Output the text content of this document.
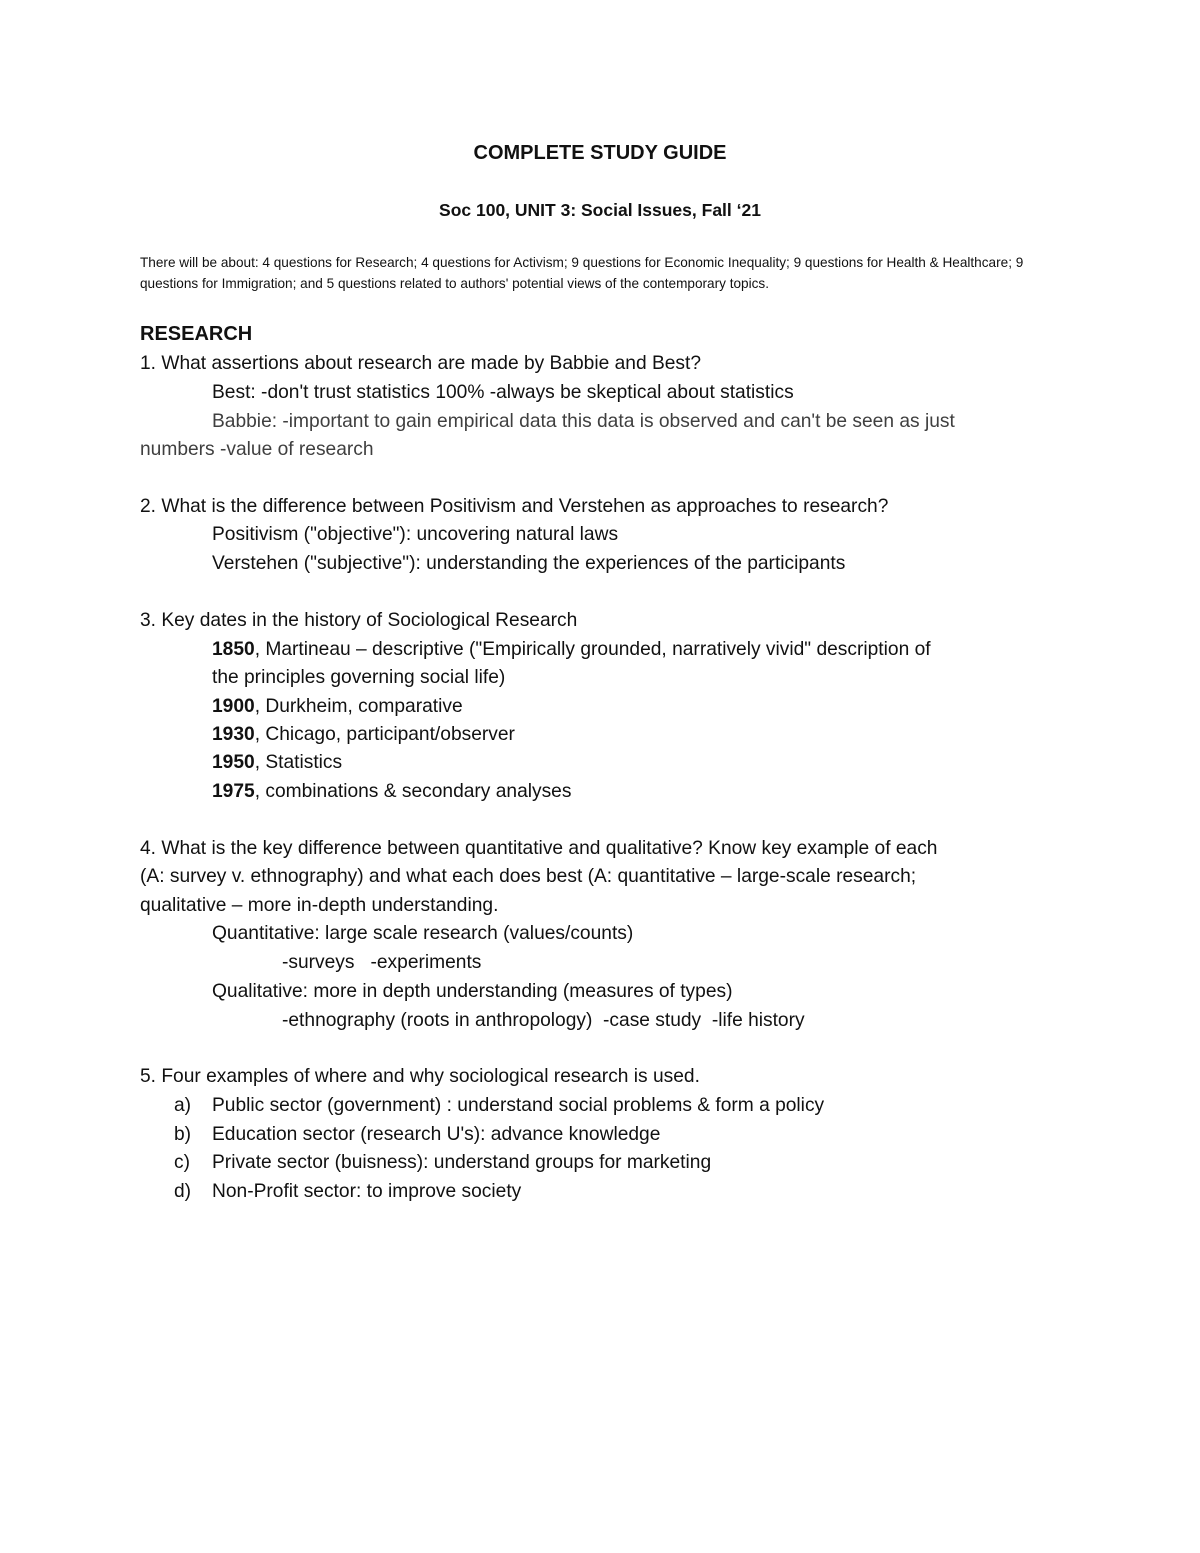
COMPLETE STUDY GUIDE
Soc 100, UNIT 3: Social Issues, Fall ‘21
There will be about: 4 questions for Research; 4 questions for Activism; 9 questions for Economic Inequality; 9 questions for Health & Healthcare; 9 questions for Immigration; and 5 questions related to authors' potential views of the contemporary topics.
RESEARCH
1. What assertions about research are made by Babbie and Best?
Best: -don't trust statistics 100% -always be skeptical about statistics
Babbie: -important to gain empirical data this data is observed and can't be seen as just
numbers -value of research
2. What is the difference between Positivism and Verstehen as approaches to research?
Positivism ("objective"): uncovering natural laws
Verstehen ("subjective"): understanding the experiences of the participants
3. Key dates in the history of Sociological Research
1850, Martineau – descriptive ("Empirically grounded, narratively vivid" description of
the principles governing social life)
1900, Durkheim, comparative
1930, Chicago, participant/observer
1950, Statistics
1975, combinations & secondary analyses
4. What is the key difference between quantitative and qualitative? Know key example of each
(A: survey v. ethnography) and what each does best (A: quantitative – large-scale research;
qualitative – more in-depth understanding.
Quantitative: large scale research (values/counts)
-surveys   -experiments
Qualitative: more in depth understanding (measures of types)
-ethnography (roots in anthropology)  -case study  -life history
5. Four examples of where and why sociological research is used.
a) Public sector (government) : understand social problems & form a policy
b) Education sector (research U's): advance knowledge
c) Private sector (buisness): understand groups for marketing
d) Non-Profit sector: to improve society
